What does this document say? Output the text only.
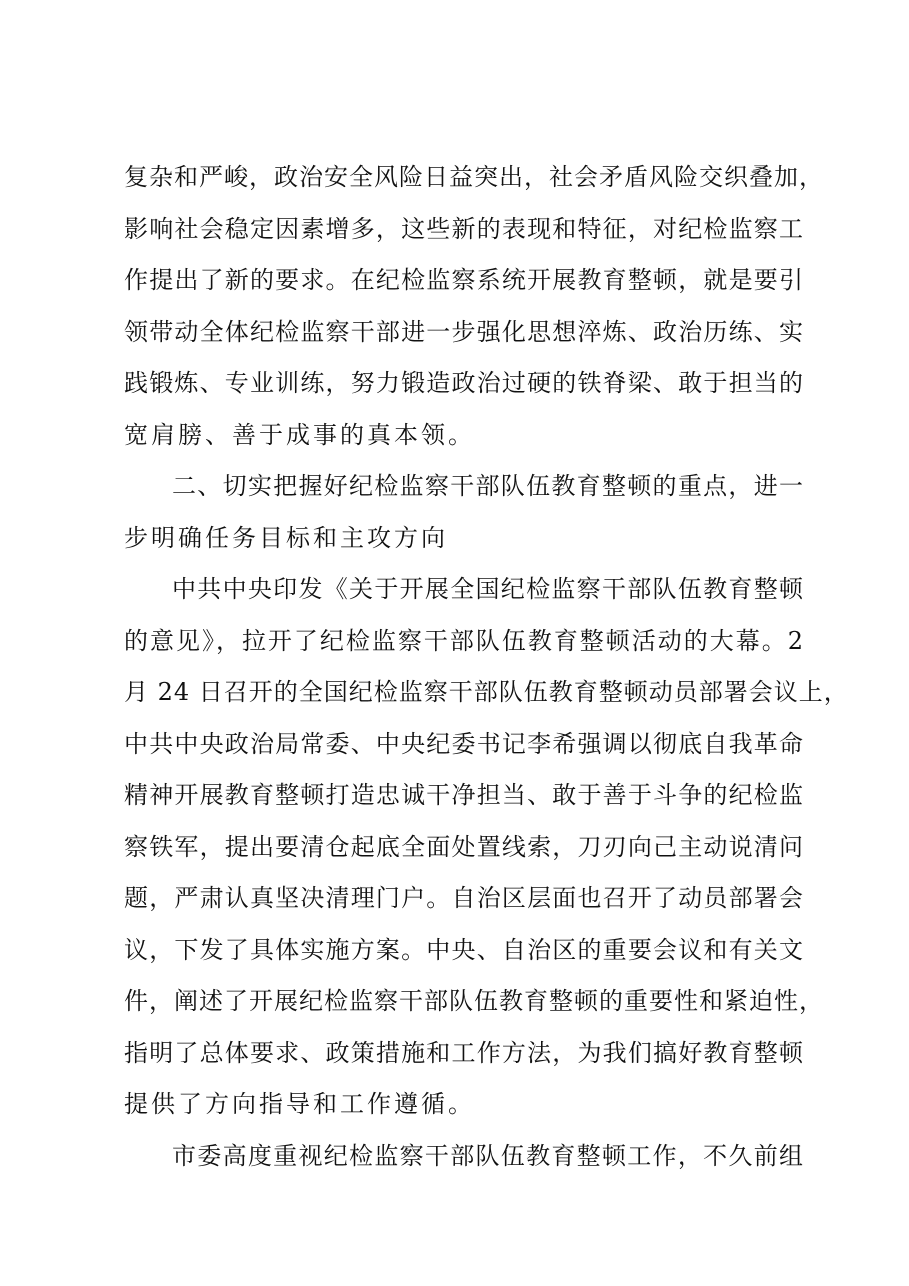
复杂和严峻，政治安全风险日益突出，社会矛盾风险交织叠加，
影响社会稳定因素增多，这些新的表现和特征，对纪检监察工
作提出了新的要求。在纪检监察系统开展教育整顿，就是要引
领带动全体纪检监察干部进一步强化思想淬炼、政治历练、实
践锻炼、专业训练，努力锻造政治过硬的铁脊梁、敢于担当的
宽肩膀、善于成事的真本领。
二、切实把握好纪检监察干部队伍教育整顿的重点，进一
步明确任务目标和主攻方向
中共中央印发《关于开展全国纪检监察干部队伍教育整顿
的意见》，拉开了纪检监察干部队伍教育整顿活动的大幕。2
月 24 日召开的全国纪检监察干部队伍教育整顿动员部署会议上，
中共中央政治局常委、中央纪委书记李希强调以彻底自我革命
精神开展教育整顿打造忠诚干净担当、敢于善于斗争的纪检监
察铁军，提出要清仓起底全面处置线索，刀刃向己主动说清问
题，严肃认真坚决清理门户。自治区层面也召开了动员部署会
议，下发了具体实施方案。中央、自治区的重要会议和有关文
件，阐述了开展纪检监察干部队伍教育整顿的重要性和紧迫性，
指明了总体要求、政策措施和工作方法，为我们搞好教育整顿
提供了方向指导和工作遵循。
市委高度重视纪检监察干部队伍教育整顿工作，不久前组
